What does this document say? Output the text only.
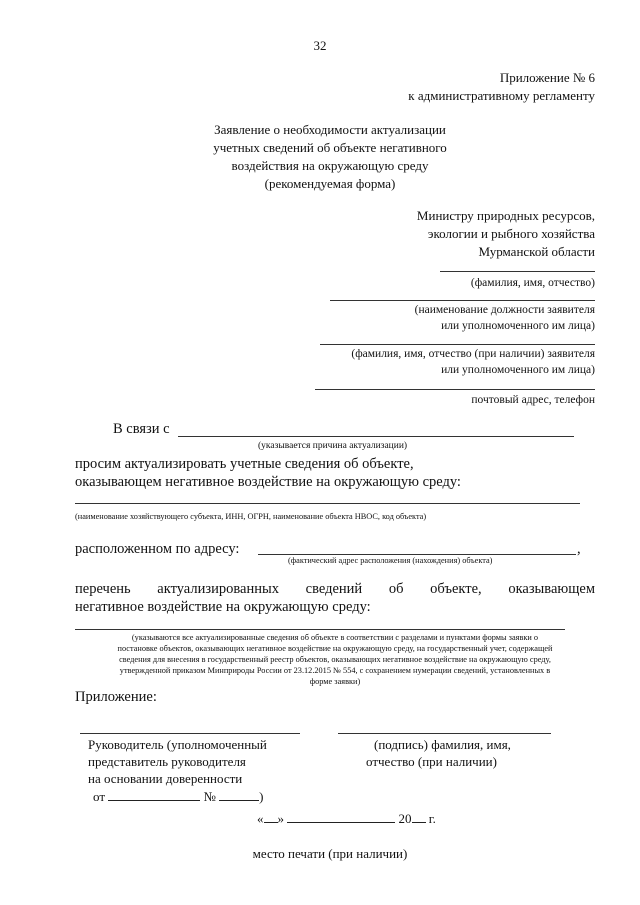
32
Приложение № 6
к административному регламенту
Заявление о необходимости актуализации
учетных сведений об объекте негативного
воздействия на окружающую среду
(рекомендуемая форма)
Министру природных ресурсов,
экологии и рыбного хозяйства
Мурманской области
(фамилия, имя, отчество)
(наименование должности заявителя
или уполномоченного им лица)
(фамилия, имя, отчество (при наличии) заявителя
или уполномоченного им лица)
почтовый адрес, телефон
В связи с
(указывается причина актуализации)
просим актуализировать учетные сведения об объекте,
оказывающем негативное воздействие на окружающую среду:
(наименование хозяйствующего субъекта, ИНН, ОГРН, наименование объекта НВОС, код объекта)
расположенном по адресу:	,
(фактический адрес расположения (нахождения) объекта)
перечень актуализированных сведений об объекте, оказывающем
негативное воздействие на окружающую среду:
(указываются все актуализированные сведения об объекте в соответствии с разделами и пунктами формы заявки о
постановке объектов, оказывающих негативное воздействие на окружающую среду, на государственный учет, содержащей
сведения для внесения в государственный реестр объектов, оказывающих негативное воздействие на окружающую среду,
утвержденной приказом Минприроды России от 23.12.2015 № 554, с сохранением нумерации сведений, установленных в
форме заявки)
Приложение:
Руководитель (уполномоченный
представитель руководителя
на основании доверенности
от	№	)
(подпись) фамилия, имя,
отчество (при наличии)
« »	20 г.
место печати (при наличии)
